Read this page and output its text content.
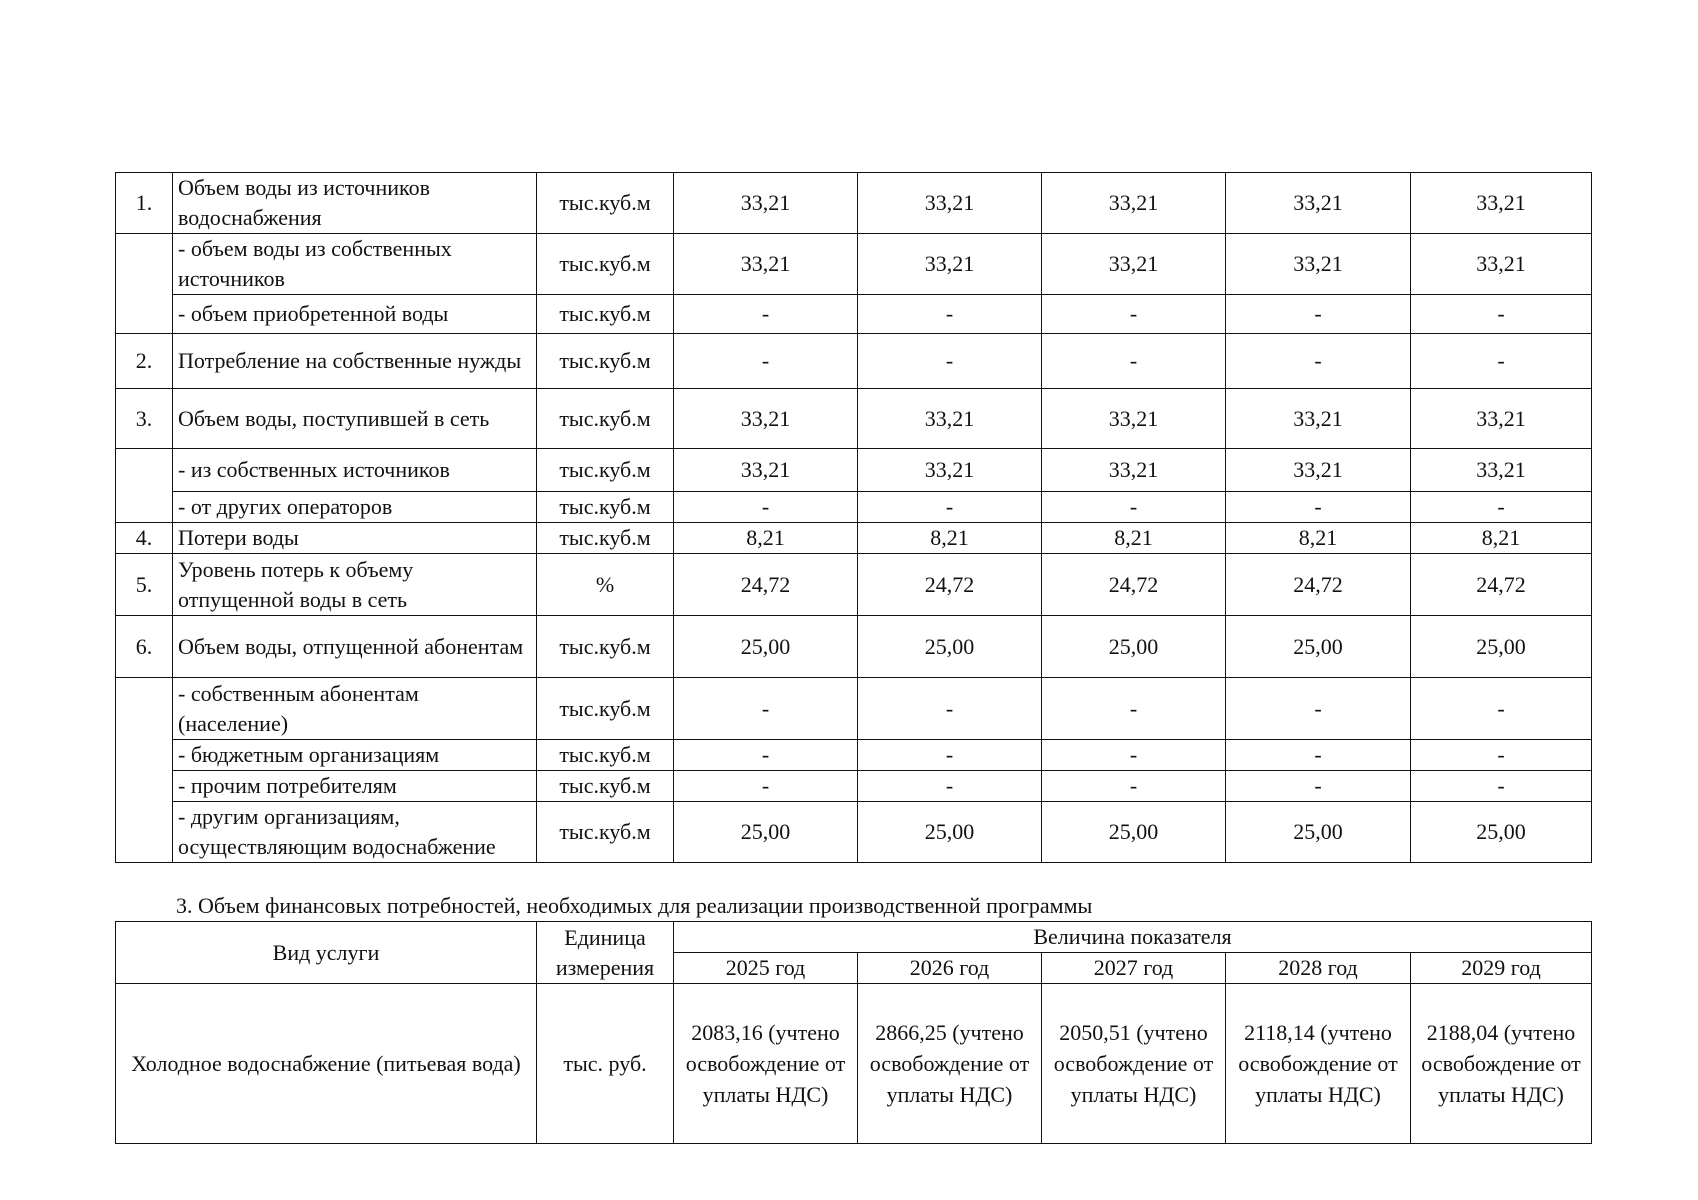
1.	Объем воды из источников водоснабжения	тыс.куб.м	33,21	33,21	33,21	33,21	33,21
	- объем воды из собственных источников	тыс.куб.м	33,21	33,21	33,21	33,21	33,21
	- объем приобретенной воды	тыс.куб.м	-	-	-	-	-
2.	Потребление на собственные нужды	тыс.куб.м	-	-	-	-	-
3.	Объем воды, поступившей в сеть	тыс.куб.м	33,21	33,21	33,21	33,21	33,21
	- из собственных источников	тыс.куб.м	33,21	33,21	33,21	33,21	33,21
	- от других операторов	тыс.куб.м	-	-	-	-	-
4.	Потери воды	тыс.куб.м	8,21	8,21	8,21	8,21	8,21
5.	Уровень потерь к объему отпущенной воды в сеть	%	24,72	24,72	24,72	24,72	24,72
6.	Объем воды, отпущенной абонентам	тыс.куб.м	25,00	25,00	25,00	25,00	25,00
	- собственным абонентам (население)	тыс.куб.м	-	-	-	-	-
	- бюджетным организациям	тыс.куб.м	-	-	-	-	-
	- прочим потребителям	тыс.куб.м	-	-	-	-	-
	- другим организациям, осуществляющим водоснабжение	тыс.куб.м	25,00	25,00	25,00	25,00	25,00
3. Объем финансовых потребностей, необходимых для реализации производственной программы
Вид услуги	Единица измерения	Величина показателя				
		2025 год	2026 год	2027 год	2028 год	2029 год
Холодное водоснабжение (питьевая вода)	тыс. руб.	2083,16 (учтено освобождение от уплаты НДС)	2866,25 (учтено освобождение от уплаты НДС)	2050,51 (учтено освобождение от уплаты НДС)	2118,14 (учтено освобождение от уплаты НДС)	2188,04 (учтено освобождение от уплаты НДС)
